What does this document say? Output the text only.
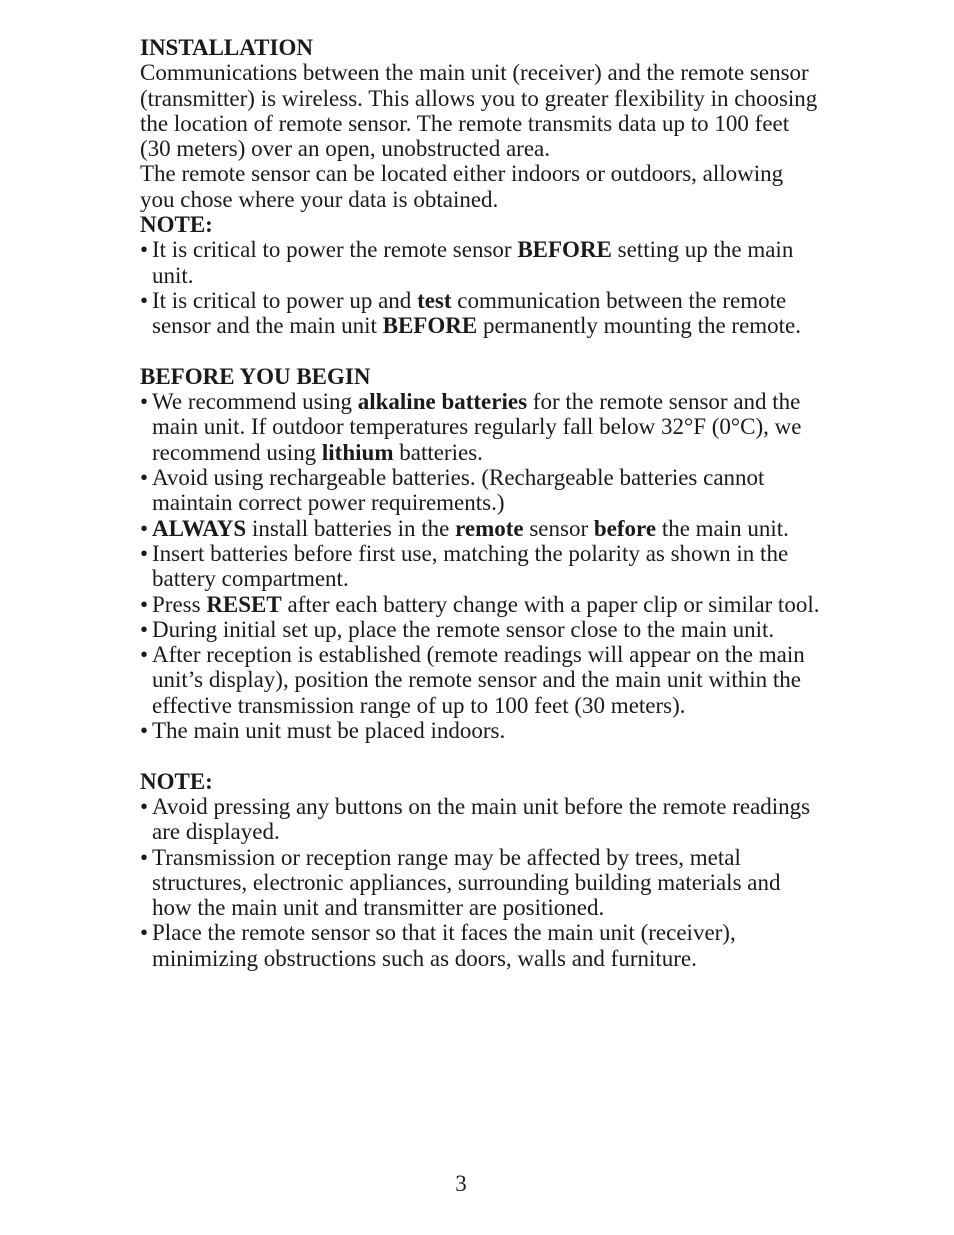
INSTALLATION

Communications between the main unit (receiver) and the remote sensor (transmitter) is wireless. This allows you to greater flexibility in choosing the location of remote sensor. The remote transmits data up to 100 feet (30 meters) over an open, unobstructed area.

The remote sensor can be located either indoors or outdoors, allowing you chose where your data is obtained.

NOTE:

• It is critical to power the remote sensor BEFORE setting up the main unit.
• It is critical to power up and test communication between the remote sensor and the main unit BEFORE permanently mounting the remote.

BEFORE YOU BEGIN

• We recommend using alkaline batteries for the remote sensor and the main unit. If outdoor temperatures regularly fall below 32°F (0°C), we recommend using lithium batteries.
• Avoid using rechargeable batteries. (Rechargeable batteries cannot maintain correct power requirements.)
• ALWAYS install batteries in the remote sensor before the main unit.
• Insert batteries before first use, matching the polarity as shown in the battery compartment.
• Press RESET after each battery change with a paper clip or similar tool.
• During initial set up, place the remote sensor close to the main unit.
• After reception is established (remote readings will appear on the main unit’s display), position the remote sensor and the main unit within the effective transmission range of up to 100 feet (30 meters).
• The main unit must be placed indoors.

NOTE:

• Avoid pressing any buttons on the main unit before the remote readings are displayed.
• Transmission or reception range may be affected by trees, metal structures, electronic appliances, surrounding building materials and how the main unit and transmitter are positioned.
• Place the remote sensor so that it faces the main unit (receiver), minimizing obstructions such as doors, walls and furniture.
3
